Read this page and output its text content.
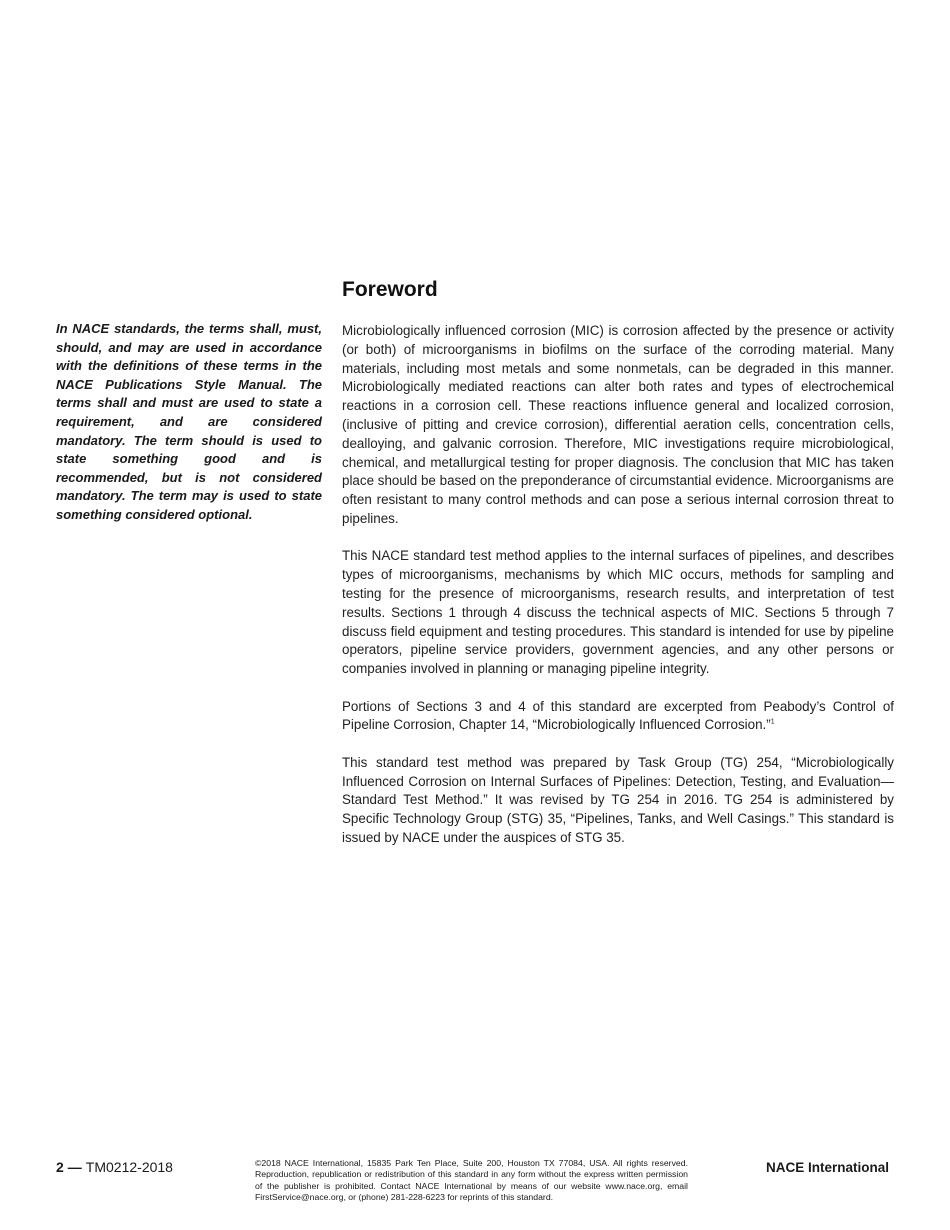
In NACE standards, the terms shall, must, should, and may are used in accordance with the definitions of these terms in the NACE Publications Style Manual. The terms shall and must are used to state a requirement, and are considered mandatory. The term should is used to state something good and is recommended, but is not considered mandatory. The term may is used to state something considered optional.
Foreword

Microbiologically influenced corrosion (MIC) is corrosion affected by the presence or activity (or both) of microorganisms in biofilms on the surface of the corroding material. Many materials, including most metals and some nonmetals, can be degraded in this manner. Microbiologically mediated reactions can alter both rates and types of electrochemical reactions in a corrosion cell. These reactions influence general and localized corrosion, (inclusive of pitting and crevice corrosion), differential aeration cells, concentration cells, dealloying, and galvanic corrosion. Therefore, MIC investigations require microbiological, chemical, and metallurgical testing for proper diagnosis. The conclusion that MIC has taken place should be based on the preponderance of circumstantial evidence. Microorganisms are often resistant to many control methods and can pose a serious internal corrosion threat to pipelines.

This NACE standard test method applies to the internal surfaces of pipelines, and describes types of microorganisms, mechanisms by which MIC occurs, methods for sampling and testing for the presence of microorganisms, research results, and interpretation of test results. Sections 1 through 4 discuss the technical aspects of MIC. Sections 5 through 7 discuss field equipment and testing procedures. This standard is intended for use by pipeline operators, pipeline service providers, government agencies, and any other persons or companies involved in planning or managing pipeline integrity.

Portions of Sections 3 and 4 of this standard are excerpted from Peabody’s Control of Pipeline Corrosion, Chapter 14, “Microbiologically Influenced Corrosion.”$^1$

This standard test method was prepared by Task Group (TG) 254, “Microbiologically Influenced Corrosion on Internal Surfaces of Pipelines: Detection, Testing, and Evaluation—Standard Test Method.” It was revised by TG 254 in 2016. TG 254 is administered by Specific Technology Group (STG) 35, “Pipelines, Tanks, and Well Casings.” This standard is issued by NACE under the auspices of STG 35.

2 — TM0212-2018	©2018 NACE International, 15835 Park Ten Place, Suite 200, Houston TX 77084, USA. All rights reserved. Reproduction, republication or redistribution of this standard in any form without the express written permission of the publisher is prohibited. Contact NACE International by means of our website www.nace.org, email FirstService@nace.org, or (phone) 281-228-6223 for reprints of this standard.
NACE International
